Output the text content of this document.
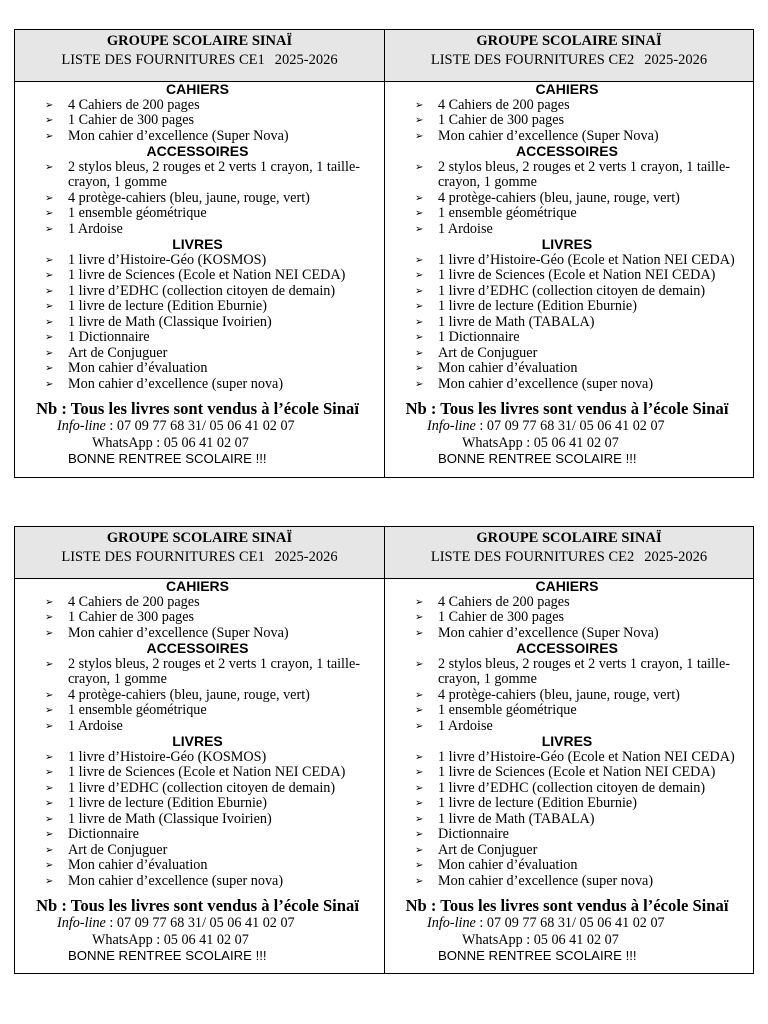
GROUPE SCOLAIRE SINAÏ
LISTE DES FOURNITURES CE1 2025-2026
CAHIERS
➢ 4 Cahiers de 200 pages
➢ 1 Cahier de 300 pages
➢ Mon cahier d’excellence (Super Nova)
ACCESSOIRES
➢ 2 stylos bleus, 2 rouges et 2 verts 1 crayon, 1 taille-crayon, 1 gomme
➢ 4 protège-cahiers (bleu, jaune, rouge, vert)
➢ 1 ensemble géométrique
➢ 1 Ardoise
LIVRES
➢ 1 livre d’Histoire-Géo (KOSMOS)
➢ 1 livre de Sciences (Ecole et Nation NEI CEDA)
➢ 1 livre d’EDHC (collection citoyen de demain)
➢ 1 livre de lecture (Edition Eburnie)
➢ 1 livre de Math (Classique Ivoirien)
➢ 1 Dictionnaire
➢ Art de Conjuguer
➢ Mon cahier d’évaluation
➢ Mon cahier d’excellence (super nova)
Nb : Tous les livres sont vendus à l’école Sinaï
Info-line : 07 09 77 68 31/ 05 06 41 02 07
WhatsApp : 05 06 41 02 07
BONNE RENTREE SCOLAIRE !!!
GROUPE SCOLAIRE SINAÏ
LISTE DES FOURNITURES CE2 2025-2026
CAHIERS
➢ 4 Cahiers de 200 pages
➢ 1 Cahier de 300 pages
➢ Mon cahier d’excellence (Super Nova)
ACCESSOIRES
➢ 2 stylos bleus, 2 rouges et 2 verts 1 crayon, 1 taille-crayon, 1 gomme
➢ 4 protège-cahiers (bleu, jaune, rouge, vert)
➢ 1 ensemble géométrique
➢ 1 Ardoise
LIVRES
➢ 1 livre d’Histoire-Géo (Ecole et Nation NEI CEDA)
➢ 1 livre de Sciences (Ecole et Nation NEI CEDA)
➢ 1 livre d’EDHC (collection citoyen de demain)
➢ 1 livre de lecture (Edition Eburnie)
➢ 1 livre de Math (TABALA)
➢ 1 Dictionnaire
➢ Art de Conjuguer
➢ Mon cahier d’évaluation
➢ Mon cahier d’excellence (super nova)
Nb : Tous les livres sont vendus à l’école Sinaï
Info-line : 07 09 77 68 31/ 05 06 41 02 07
WhatsApp : 05 06 41 02 07
BONNE RENTREE SCOLAIRE !!!
GROUPE SCOLAIRE SINAÏ
LISTE DES FOURNITURES CE1 2025-2026
CAHIERS
➢ 4 Cahiers de 200 pages
➢ 1 Cahier de 300 pages
➢ Mon cahier d’excellence (Super Nova)
ACCESSOIRES
➢ 2 stylos bleus, 2 rouges et 2 verts 1 crayon, 1 taille-crayon, 1 gomme
➢ 4 protège-cahiers (bleu, jaune, rouge, vert)
➢ 1 ensemble géométrique
➢ 1 Ardoise
LIVRES
➢ 1 livre d’Histoire-Géo (KOSMOS)
➢ 1 livre de Sciences (Ecole et Nation NEI CEDA)
➢ 1 livre d’EDHC (collection citoyen de demain)
➢ 1 livre de lecture (Edition Eburnie)
➢ 1 livre de Math (Classique Ivoirien)
➢ Dictionnaire
➢ Art de Conjuguer
➢ Mon cahier d’évaluation
➢ Mon cahier d’excellence (super nova)
Nb : Tous les livres sont vendus à l’école Sinaï
Info-line : 07 09 77 68 31/ 05 06 41 02 07
WhatsApp : 05 06 41 02 07
BONNE RENTREE SCOLAIRE !!!
GROUPE SCOLAIRE SINAÏ
LISTE DES FOURNITURES CE2 2025-2026
CAHIERS
➢ 4 Cahiers de 200 pages
➢ 1 Cahier de 300 pages
➢ Mon cahier d’excellence (Super Nova)
ACCESSOIRES
➢ 2 stylos bleus, 2 rouges et 2 verts 1 crayon, 1 taille-crayon, 1 gomme
➢ 4 protège-cahiers (bleu, jaune, rouge, vert)
➢ 1 ensemble géométrique
➢ 1 Ardoise
LIVRES
➢ 1 livre d’Histoire-Géo (Ecole et Nation NEI CEDA)
➢ 1 livre de Sciences (Ecole et Nation NEI CEDA)
➢ 1 livre d’EDHC (collection citoyen de demain)
➢ 1 livre de lecture (Edition Eburnie)
➢ 1 livre de Math (TABALA)
➢ Dictionnaire
➢ Art de Conjuguer
➢ Mon cahier d’évaluation
➢ Mon cahier d’excellence (super nova)
Nb : Tous les livres sont vendus à l’école Sinaï
Info-line : 07 09 77 68 31/ 05 06 41 02 07
WhatsApp : 05 06 41 02 07
BONNE RENTREE SCOLAIRE !!!
